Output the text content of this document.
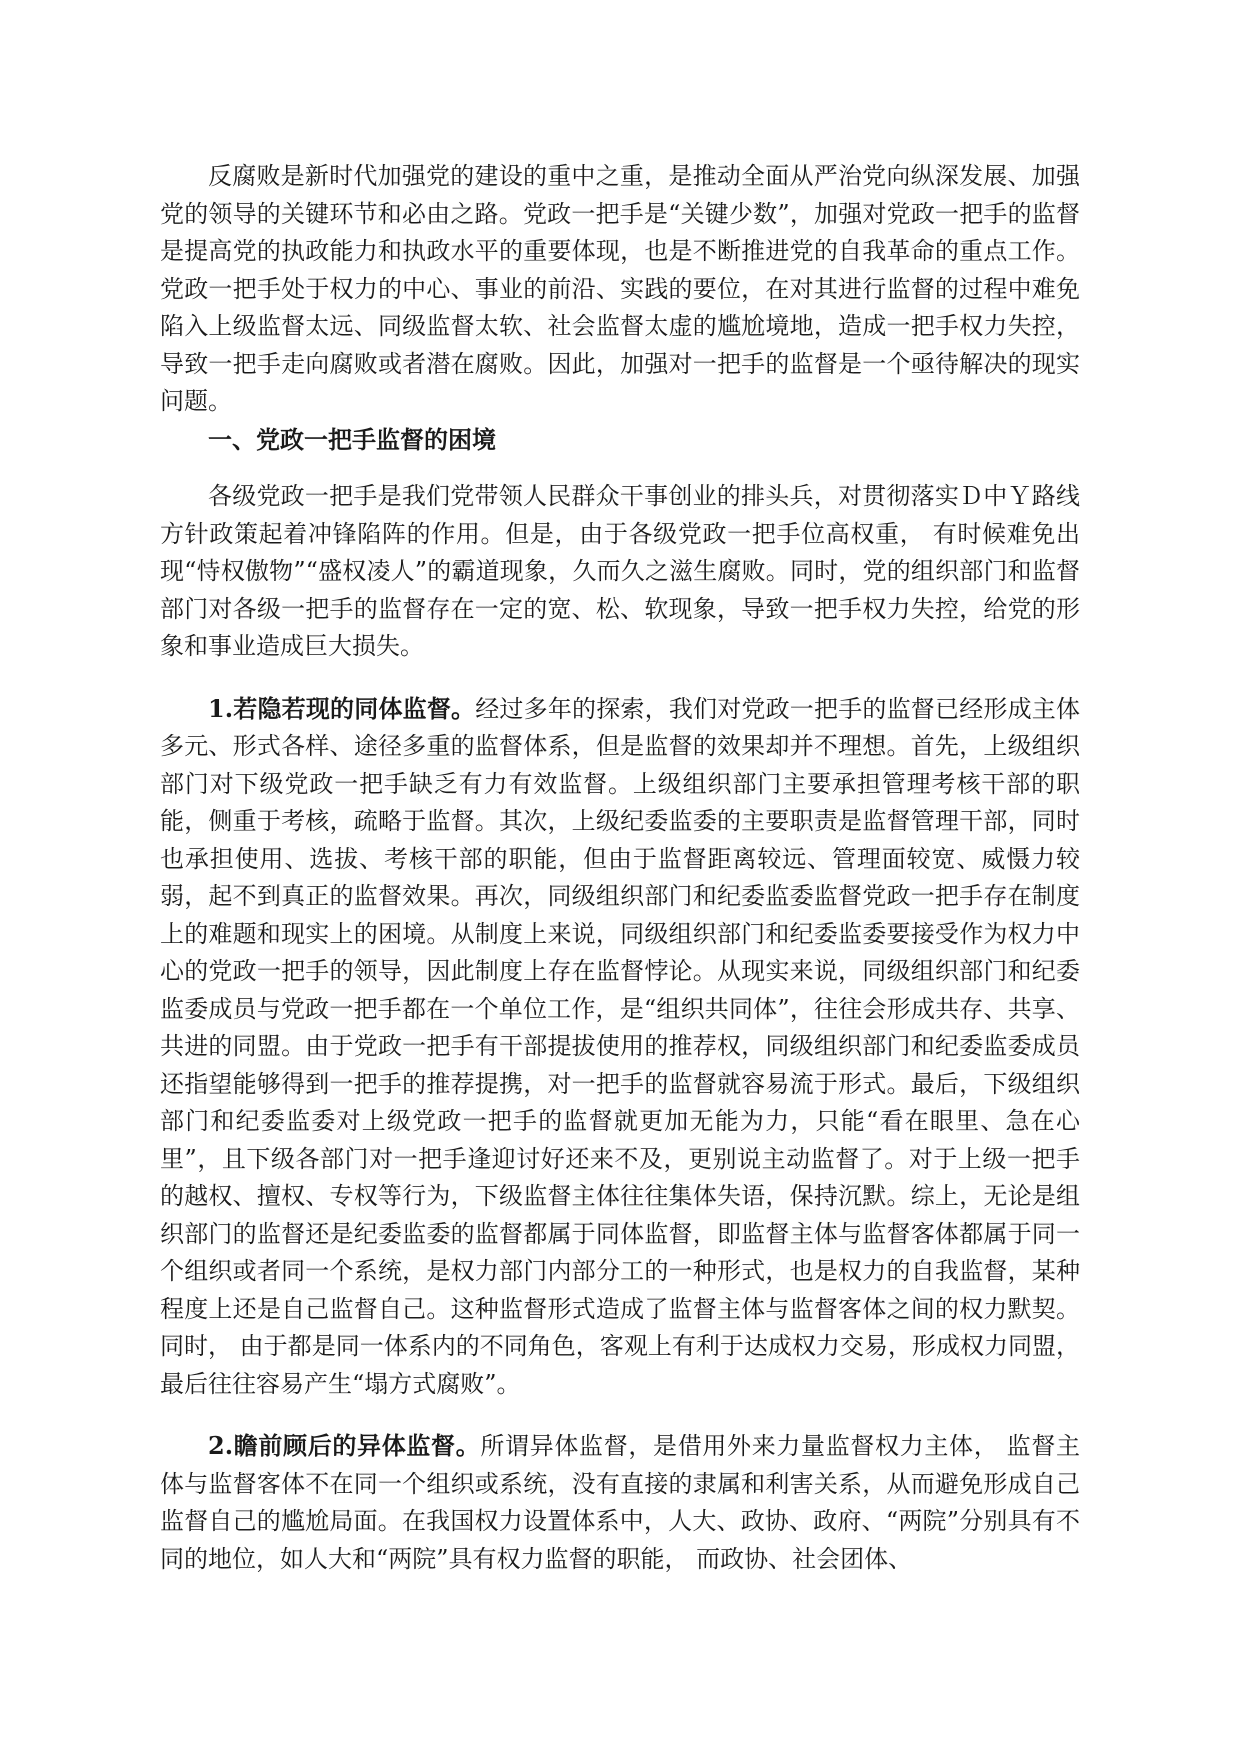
反腐败是新时代加强党的建设的重中之重，是推动全面从严治党向纵深发展、加强党的领导的关键环节和必由之路。党政一把手是“关键少数”，加强对党政一把手的监督是提高党的执政能力和执政水平的重要体现，也是不断推进党的自我革命的重点工作。党政一把手处于权力的中心、事业的前沿、实践的要位，在对其进行监督的过程中难免陷入上级监督太远、同级监督太软、社会监督太虚的尴尬境地，造成一把手权力失控，导致一把手走向腐败或者潜在腐败。因此，加强对一把手的监督是一个亟待解决的现实问题。

一、党政一把手监督的困境

各级党政一把手是我们党带领人民群众干事创业的排头兵，对贯彻落实Ｄ中Ｙ路线方针政策起着冲锋陷阵的作用。但是，由于各级党政一把手位高权重， 有时候难免出现“恃权傲物”“盛权凌人”的霸道现象，久而久之滋生腐败。同时，党的组织部门和监督部门对各级一把手的监督存在一定的宽、松、软现象，导致一把手权力失控，给党的形象和事业造成巨大损失。

1.若隐若现的同体监督。经过多年的探索，我们对党政一把手的监督已经形成主体多元、形式各样、途径多重的监督体系，但是监督的效果却并不理想。首先，上级组织部门对下级党政一把手缺乏有力有效监督。上级组织部门主要承担管理考核干部的职能，侧重于考核，疏略于监督。其次，上级纪委监委的主要职责是监督管理干部，同时也承担使用、选拔、考核干部的职能，但由于监督距离较远、管理面较宽、威慑力较弱，起不到真正的监督效果。再次，同级组织部门和纪委监委监督党政一把手存在制度上的难题和现实上的困境。从制度上来说，同级组织部门和纪委监委要接受作为权力中心的党政一把手的领导，因此制度上存在监督悖论。从现实来说，同级组织部门和纪委监委成员与党政一把手都在一个单位工作，是“组织共同体”，往往会形成共存、共享、共进的同盟。由于党政一把手有干部提拔使用的推荐权，同级组织部门和纪委监委成员还指望能够得到一把手的推荐提携，对一把手的监督就容易流于形式。最后，下级组织部门和纪委监委对上级党政一把手的监督就更加无能为力，只能“看在眼里、急在心里”，且下级各部门对一把手逢迎讨好还来不及，更别说主动监督了。对于上级一把手的越权、擅权、专权等行为，下级监督主体往往集体失语，保持沉默。综上，无论是组织部门的监督还是纪委监委的监督都属于同体监督，即监督主体与监督客体都属于同一个组织或者同一个系统，是权力部门内部分工的一种形式，也是权力的自我监督，某种程度上还是自己监督自己。这种监督形式造成了监督主体与监督客体之间的权力默契。同时， 由于都是同一体系内的不同角色，客观上有利于达成权力交易，形成权力同盟， 最后往往容易产生“塌方式腐败”。

2.瞻前顾后的异体监督。所谓异体监督，是借用外来力量监督权力主体， 监督主体与监督客体不在同一个组织或系统，没有直接的隶属和利害关系，从而避免形成自己监督自己的尴尬局面。在我国权力设置体系中，人大、政协、政府、“两院”分别具有不同的地位，如人大和“两院”具有权力监督的职能， 而政协、社会团体、
